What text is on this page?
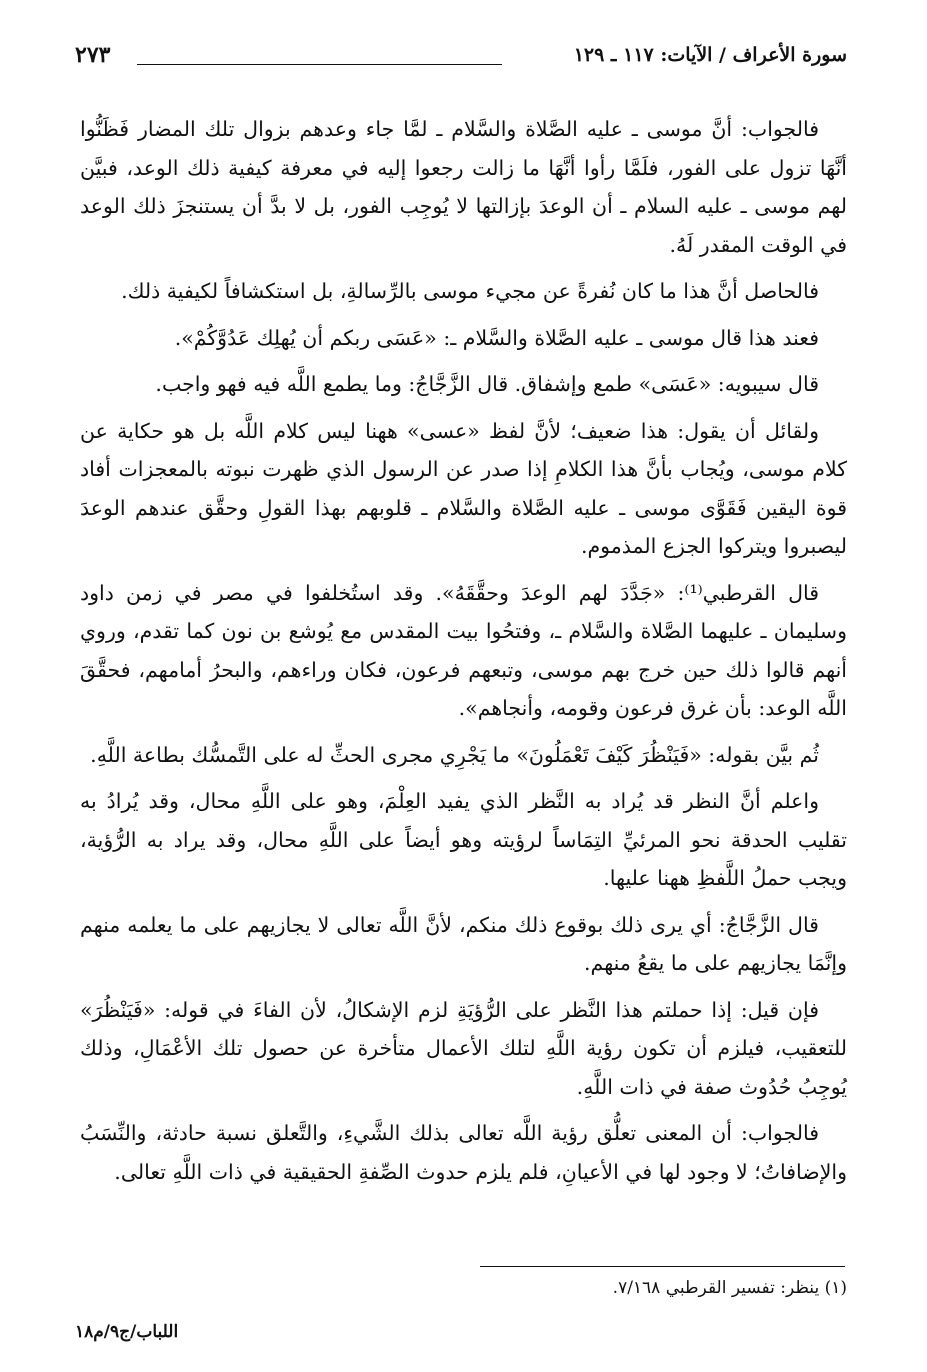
سورة الأعراف / الآيات: ١١٧ ـ ١٢٩
٢٧٣

فالجواب: أنَّ موسى ـ عليه الصَّلاة والسَّلام ـ لمَّا جاء وعدهم بزوال تلك المضار فَظَنُّوا أنَّهَا تزول على الفور، فلَمَّا رأوا أنَّهَا ما زالت رجعوا إليه في معرفة كيفية ذلك الوعد، فبيَّن لهم موسى ـ عليه السلام ـ أن الوعدَ بإزالتها لا يُوجِب الفور، بل لا بدَّ أن يستنجزَ ذلك الوعد في الوقت المقدر لَهُ.

فالحاصل أنَّ هذا ما كان نُفرةً عن مجيء موسى بالرِّسالةِ، بل استكشافاً لكيفية ذلك.

فعند هذا قال موسى ـ عليه الصَّلاة والسَّلام ـ: «عَسَى ربكم أن يُهلِك عَدُوَّكُمْ».

قال سيبويه: «عَسَى» طمع وإشفاق. قال الزَّجَّاجُ: وما يطمع اللَّه فيه فهو واجب.

ولقائل أن يقول: هذا ضعيف؛ لأنَّ لفظ «عسى» ههنا ليس كلام اللَّه بل هو حكاية عن كلام موسى، ويُجاب بأنَّ هذا الكلامِ إذا صدر عن الرسول الذي ظهرت نبوته بالمعجزات أفاد قوة اليقين فَقَوَّى موسى ـ عليه الصَّلاة والسَّلام ـ قلوبهم بهذا القولِ وحقَّق عندهم الوعدَ ليصبروا ويتركوا الجزع المذموم.

قال القرطبي⁽¹⁾: «جَدَّدَ لهم الوعدَ وحقَّقَهُ». وقد استُخلفوا في مصر في زمن داود وسليمان ـ عليهما الصَّلاة والسَّلام ـ، وفتحُوا بيت المقدس مع يُوشع بن نون كما تقدم، وروي أنهم قالوا ذلك حين خرج بهم موسى، وتبعهم فرعون، فكان وراءهم، والبحرُ أمامهم، فحقَّقَ اللَّه الوعد: بأن غرق فرعون وقومه، وأنجاهم».

ثُم بيَّن بقوله: «فَيَنْظُرَ كَيْفَ تَعْمَلُونَ» ما يَجْرِي مجرى الحثِّ له على التَّمسُّك بطاعة اللَّهِ.

واعلم أنَّ النظر قد يُراد به النَّظر الذي يفيد العِلْمَ، وهو على اللَّهِ محال، وقد يُرادُ به تقليب الحدقة نحو المرئيِّ التِمَاساً لرؤيته وهو أيضاً على اللَّهِ محال، وقد يراد به الرُّؤية، ويجب حملُ اللَّفظِ ههنا عليها.

قال الزَّجَّاجُ: أي يرى ذلك بوقوع ذلك منكم، لأنَّ اللَّه تعالى لا يجازيهم على ما يعلمه منهم وإنَّمَا يجازيهم على ما يقعُ منهم.

فإن قيل: إذا حملتم هذا النَّظر على الرُّؤيَةِ لزم الإشكالُ، لأن الفاءَ في قوله: «فَيَنْظُرَ» للتعقيب، فيلزم أن تكون رؤية اللَّهِ لتلك الأعمال متأخرة عن حصول تلك الأعْمَالِ، وذلك يُوجِبُ حُدُوث صفة في ذات اللَّهِ.

فالجواب: أن المعنى تعلُّق رؤية اللَّه تعالى بذلك الشَّيءِ، والتَّعلق نسبة حادثة، والنِّسَبُ والإضافاتُ؛ لا وجود لها في الأعيانِ، فلم يلزم حدوث الصِّفةِ الحقيقية في ذات اللَّهِ تعالى.

(١) ينظر: تفسير القرطبي ٧/١٦٨.
اللباب/ج٩/م١٨
